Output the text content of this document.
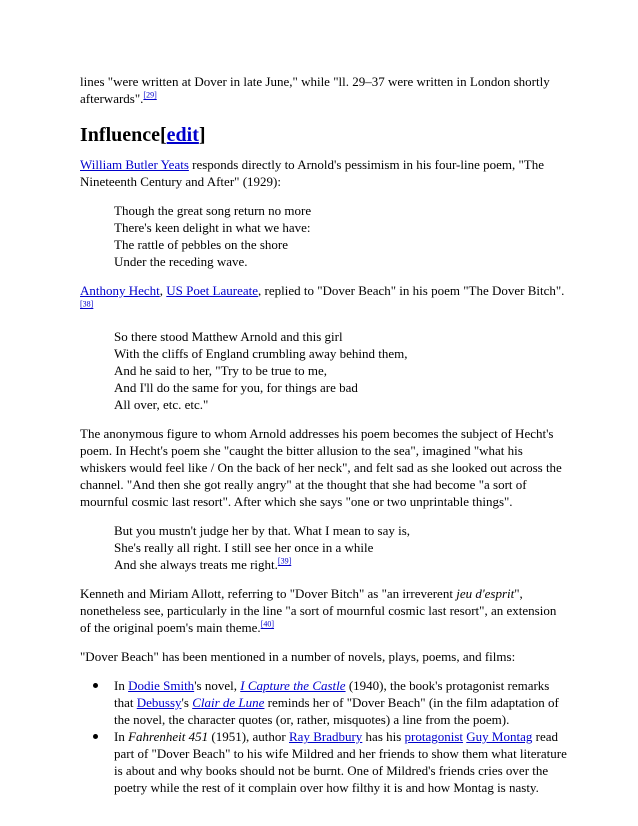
lines "were written at Dover in late June," while "ll. 29–37 were written in London shortly afterwards".[29]

Influence[edit]

William Butler Yeats responds directly to Arnold's pessimism in his four-line poem, "The Nineteenth Century and After" (1929):

Though the great song return no more
There's keen delight in what we have:
The rattle of pebbles on the shore
Under the receding wave.

Anthony Hecht, US Poet Laureate, replied to "Dover Beach" in his poem "The Dover Bitch".[38]

So there stood Matthew Arnold and this girl
With the cliffs of England crumbling away behind them,
And he said to her, "Try to be true to me,
And I'll do the same for you, for things are bad
All over, etc. etc."

The anonymous figure to whom Arnold addresses his poem becomes the subject of Hecht's poem. In Hecht's poem she "caught the bitter allusion to the sea", imagined "what his whiskers would feel like / On the back of her neck", and felt sad as she looked out across the channel. "And then she got really angry" at the thought that she had become "a sort of mournful cosmic last resort". After which she says "one or two unprintable things".

But you mustn't judge her by that. What I mean to say is,
She's really all right. I still see her once in a while
And she always treats me right.[39]

Kenneth and Miriam Allott, referring to "Dover Bitch" as "an irreverent jeu d'esprit", nonetheless see, particularly in the line "a sort of mournful cosmic last resort", an extension of the original poem's main theme.[40]

"Dover Beach" has been mentioned in a number of novels, plays, poems, and films:

In Dodie Smith's novel, I Capture the Castle (1940), the book's protagonist remarks that Debussy's Clair de Lune reminds her of "Dover Beach" (in the film adaptation of the novel, the character quotes (or, rather, misquotes) a line from the poem).
In Fahrenheit 451 (1951), author Ray Bradbury has his protagonist Guy Montag read part of "Dover Beach" to his wife Mildred and her friends to show them what literature is about and why books should not be burnt. One of Mildred's friends cries over the poetry while the rest of it complain over how filthy it is and how Montag is nasty.
